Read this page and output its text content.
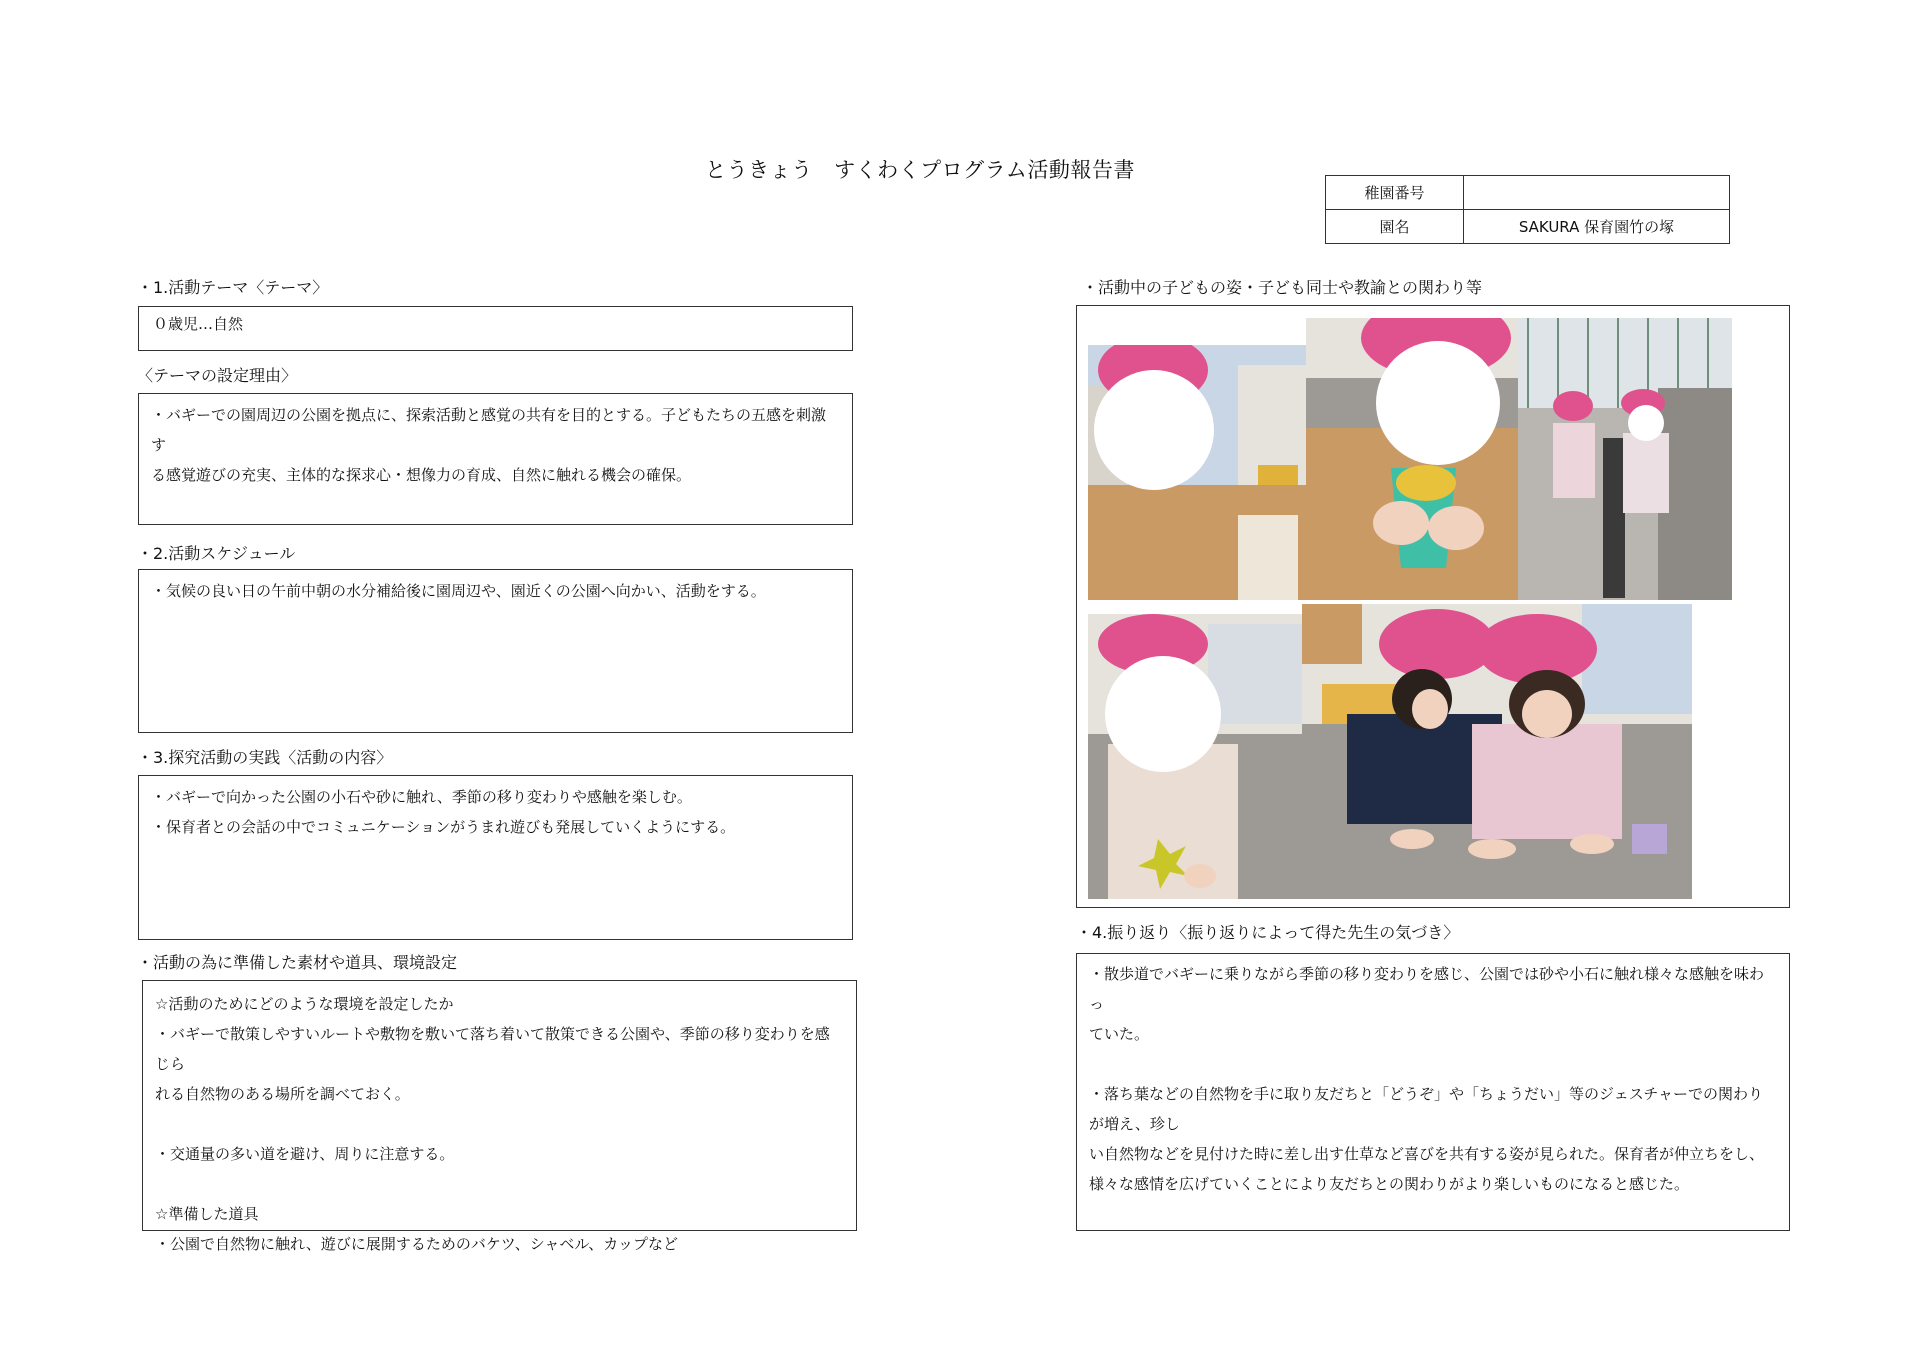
とうきょう　すくわくプログラム活動報告書
稚園番号	
園名	SAKURA 保育園竹の塚
・1.活動テーマ〈テーマ〉

０歳児…自然

〈テーマの設定理由〉

・バギーでの園周辺の公園を拠点に、探索活動と感覚の共有を目的とする。子どもたちの五感を刺激す

る感覚遊びの充実、主体的な探求心・想像力の育成、自然に触れる機会の確保。

・2.活動スケジュール

・気候の良い日の午前中朝の水分補給後に園周辺や、園近くの公園へ向かい、活動をする。

・3.探究活動の実践〈活動の内容〉

・バギーで向かった公園の小石や砂に触れ、季節の移り変わりや感触を楽しむ。

・保育者との会話の中でコミュニケーションがうまれ遊びも発展していくようにする。

・活動の為に準備した素材や道具、環境設定

☆活動のためにどのような環境を設定したか

・バギーで散策しやすいルートや敷物を敷いて落ち着いて散策できる公園や、季節の移り変わりを感じら

れる自然物のある場所を調べておく。

・交通量の多い道を避け、周りに注意する。

☆準備した道具

・公園で自然物に触れ、遊びに展開するためのバケツ、シャベル、カップなど

・活動中の子どもの姿・子ども同士や教諭との関わり等
・4.振り返り〈振り返りによって得た先生の気づき〉

・散歩道でバギーに乗りながら季節の移り変わりを感じ、公園では砂や小石に触れ様々な感触を味わっ

ていた。

・落ち葉などの自然物を手に取り友だちと「どうぞ」や「ちょうだい」等のジェスチャーでの関わりが増え、珍し

い自然物などを見付けた時に差し出す仕草など喜びを共有する姿が見られた。保育者が仲立ちをし、

様々な感情を広げていくことにより友だちとの関わりがより楽しいものになると感じた。
